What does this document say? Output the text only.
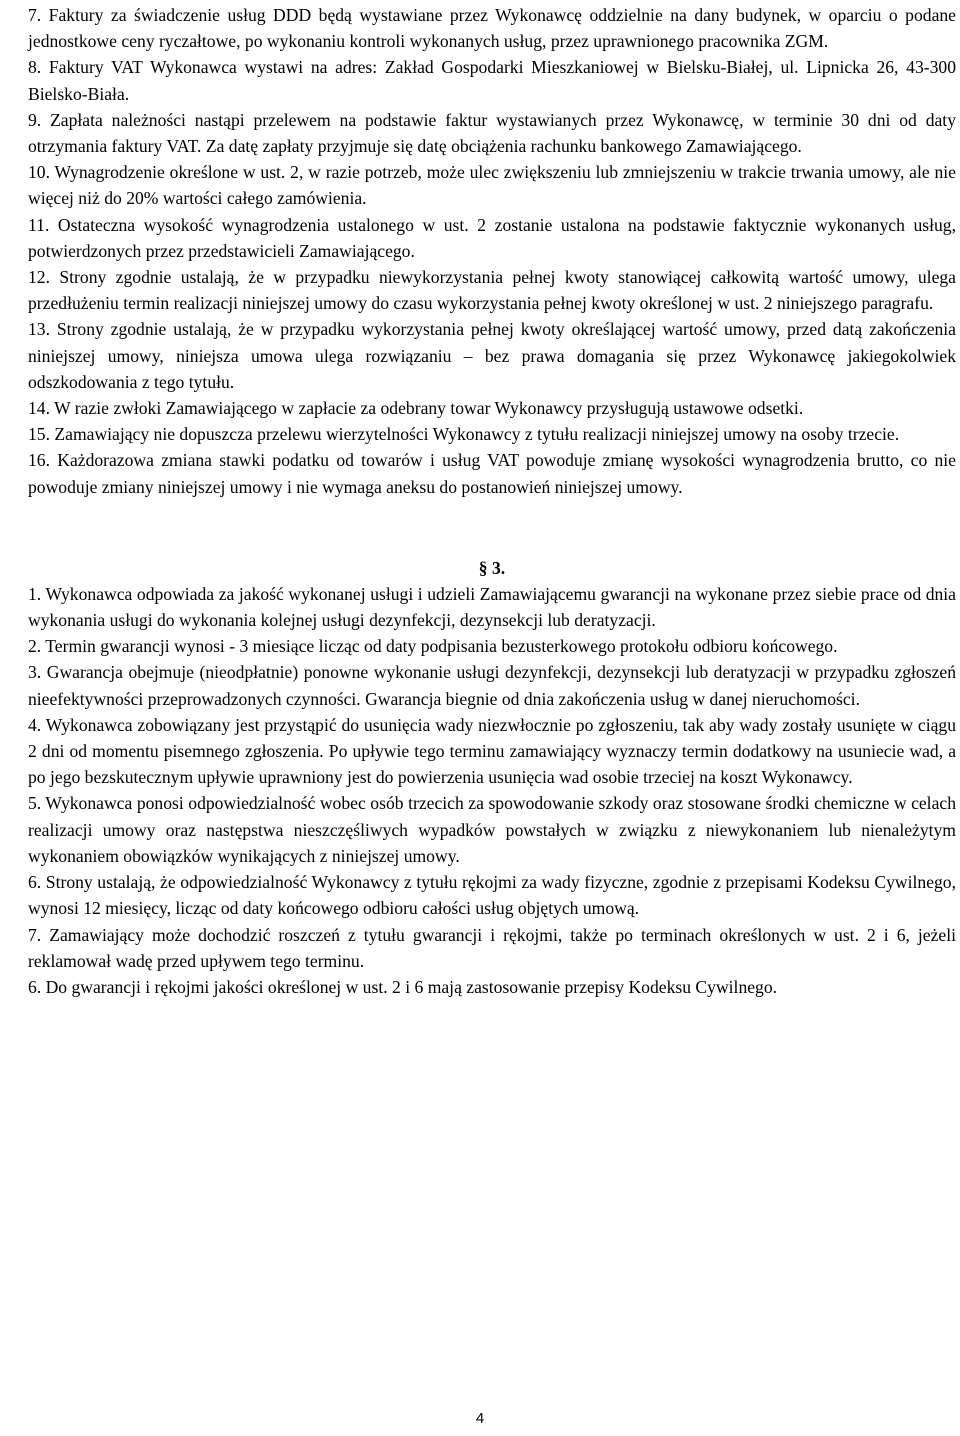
7. Faktury za świadczenie usług DDD będą wystawiane przez Wykonawcę oddzielnie na dany budynek, w oparciu o podane jednostkowe ceny ryczałtowe, po wykonaniu kontroli wykonanych usług, przez uprawnionego pracownika ZGM.

8. Faktury VAT Wykonawca wystawi na adres: Zakład Gospodarki Mieszkaniowej w Bielsku-Białej, ul. Lipnicka 26, 43-300 Bielsko-Biała.

9. Zapłata należności nastąpi przelewem na podstawie faktur wystawianych przez Wykonawcę, w terminie 30 dni od daty otrzymania faktury VAT. Za datę zapłaty przyjmuje się datę obciążenia rachunku bankowego Zamawiającego.

10. Wynagrodzenie określone w ust. 2, w razie potrzeb, może ulec zwiększeniu lub zmniejszeniu w trakcie trwania umowy, ale nie więcej niż do 20% wartości całego zamówienia.

11. Ostateczna wysokość wynagrodzenia ustalonego w ust. 2 zostanie ustalona na podstawie faktycznie wykonanych usług, potwierdzonych przez przedstawicieli Zamawiającego.

12. Strony zgodnie ustalają, że w przypadku niewykorzystania pełnej kwoty stanowiącej całkowitą wartość umowy, ulega przedłużeniu termin realizacji niniejszej umowy do czasu wykorzystania pełnej kwoty określonej w ust. 2 niniejszego paragrafu.

13. Strony zgodnie ustalają, że w przypadku wykorzystania pełnej kwoty określającej wartość umowy, przed datą zakończenia niniejszej umowy, niniejsza umowa ulega rozwiązaniu – bez prawa domagania się przez Wykonawcę jakiegokolwiek odszkodowania z tego tytułu.

14. W razie zwłoki Zamawiającego w zapłacie za odebrany towar Wykonawcy przysługują ustawowe odsetki.

15. Zamawiający nie dopuszcza przelewu wierzytelności Wykonawcy z tytułu realizacji niniejszej umowy na osoby trzecie.

16. Każdorazowa zmiana stawki podatku od towarów i usług VAT powoduje zmianę wysokości wynagrodzenia brutto, co nie powoduje zmiany niniejszej umowy i nie wymaga aneksu do postanowień niniejszej umowy.

§ 3.

1. Wykonawca odpowiada za jakość wykonanej usługi i udzieli Zamawiającemu gwarancji na wykonane przez siebie prace od dnia wykonania usługi do wykonania kolejnej usługi dezynfekcji, dezynsekcji lub deratyzacji.

2. Termin gwarancji wynosi - 3 miesiące licząc od daty podpisania bezusterkowego protokołu odbioru końcowego.

3. Gwarancja obejmuje (nieodpłatnie) ponowne wykonanie usługi dezynfekcji, dezynsekcji lub deratyzacji w przypadku zgłoszeń nieefektywności przeprowadzonych czynności. Gwarancja biegnie od dnia zakończenia usług w danej nieruchomości.

4. Wykonawca zobowiązany jest przystąpić do usunięcia wady niezwłocznie po zgłoszeniu, tak aby wady zostały usunięte w ciągu 2 dni od momentu pisemnego zgłoszenia. Po upływie tego terminu zamawiający wyznaczy termin dodatkowy na usuniecie wad, a po jego bezskutecznym upływie uprawniony jest do powierzenia usunięcia wad osobie trzeciej na koszt Wykonawcy.

5. Wykonawca ponosi odpowiedzialność wobec osób trzecich za spowodowanie szkody oraz stosowane środki chemiczne w celach realizacji umowy oraz następstwa nieszczęśliwych wypadków powstałych w związku z niewykonaniem lub nienależytym wykonaniem obowiązków wynikających z niniejszej umowy.

6. Strony ustalają, że odpowiedzialność Wykonawcy z tytułu rękojmi za wady fizyczne, zgodnie z przepisami Kodeksu Cywilnego, wynosi 12 miesięcy, licząc od daty końcowego odbioru całości usług objętych umową.

7. Zamawiający może dochodzić roszczeń z tytułu gwarancji i rękojmi, także po terminach określonych w ust. 2 i 6, jeżeli reklamował wadę przed upływem tego terminu.

6. Do gwarancji i rękojmi jakości określonej w ust. 2 i 6 mają zastosowanie przepisy Kodeksu Cywilnego.

4
